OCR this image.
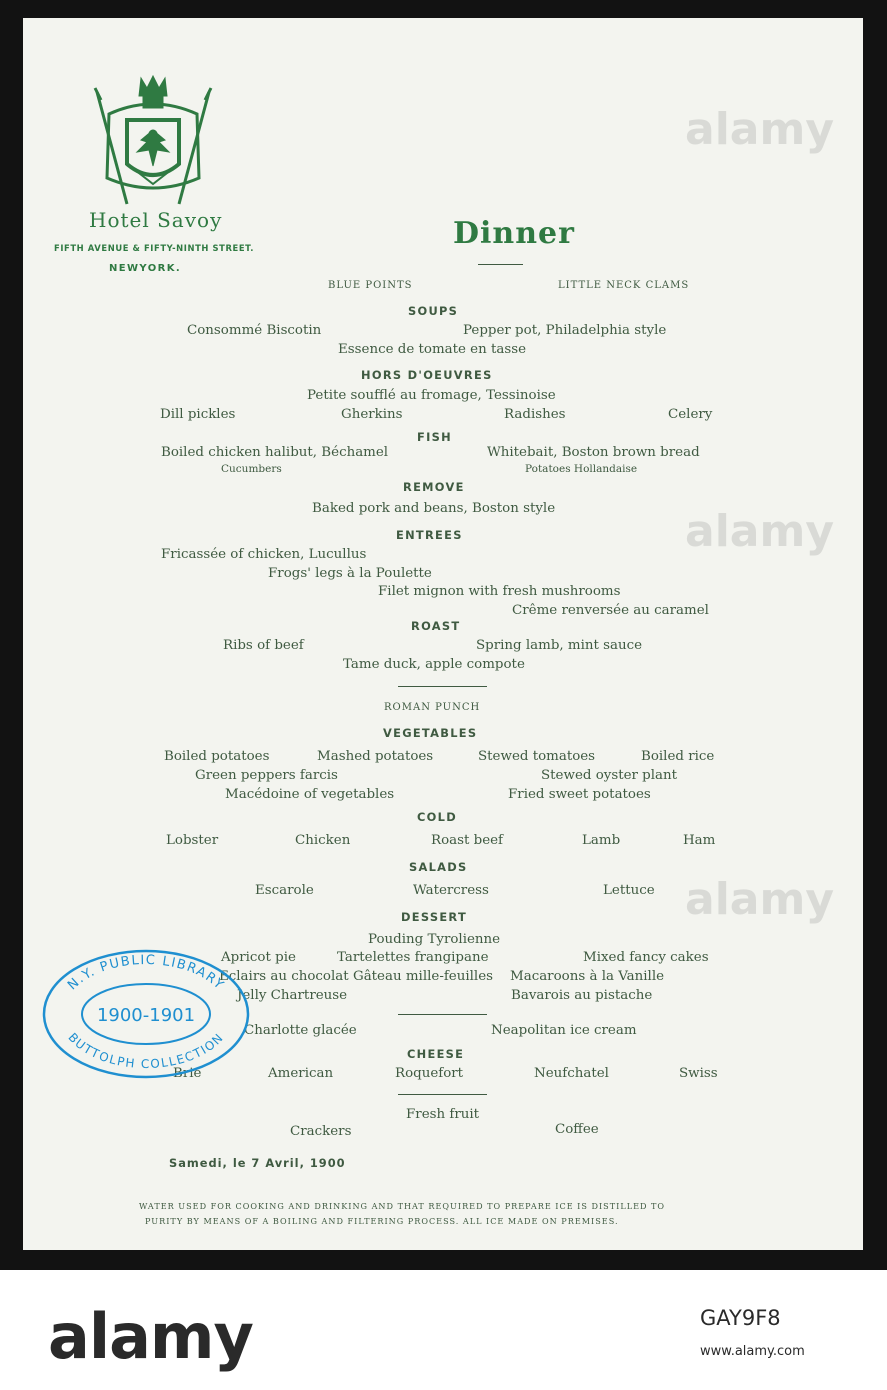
Hotel Savoy
FIFTH AVENUE & FIFTY-NINTH STREET.
NEWYORK.
Dinner
BLUE POINTS	LITTLE NECK CLAMS
SOUPS
Consommé Biscotin	Pepper pot, Philadelphia style
Essence de tomate en tasse
HORS D'OEUVRES
Petite soufflé au fromage, Tessinoise
Dill pickles	Gherkins	Radishes	Celery
FISH
Boiled chicken halibut, Béchamel	Whitebait, Boston brown bread
Cucumbers	Potatoes Hollandaise
REMOVE
Baked pork and beans, Boston style
ENTREES
Fricassée of chicken, Lucullus
Frogs' legs à la Poulette
Filet mignon with fresh mushrooms
Crême renversée au caramel
ROAST
Ribs of beef	Spring lamb, mint sauce
Tame duck, apple compote
ROMAN PUNCH
VEGETABLES
Boiled potatoes	Mashed potatoes	Stewed tomatoes	Boiled rice
Green peppers farcis	Stewed oyster plant
Macédoine of vegetables	Fried sweet potatoes
COLD
Lobster	Chicken	Roast beef	Lamb	Ham
SALADS
Escarole	Watercress	Lettuce
DESSERT
Pouding Tyrolienne
Apricot pie	Tartelettes frangipane	Mixed fancy cakes
Eclairs au chocolat Gâteau mille-feuilles Macaroons à la Vanille
Jelly Chartreuse	Bavarois au pistache
Charlotte glacée	Neapolitan ice cream
CHEESE
Brie	American	Roquefort	Neufchatel	Swiss
Fresh fruit
Crackers	Coffee
Samedi, le 7 Avril, 1900
WATER USED FOR COOKING AND DRINKING AND THAT REQUIRED TO PREPARE ICE IS DISTILLED TO
PURITY BY MEANS OF A BOILING AND FILTERING PROCESS. ALL ICE MADE ON PREMISES.
N.Y. PUBLIC LIBRARY
BUTTOLPH COLLECTION
1900-1901
alamy
alamy
alamy
alamy	GAY9F8
www.alamy.com
